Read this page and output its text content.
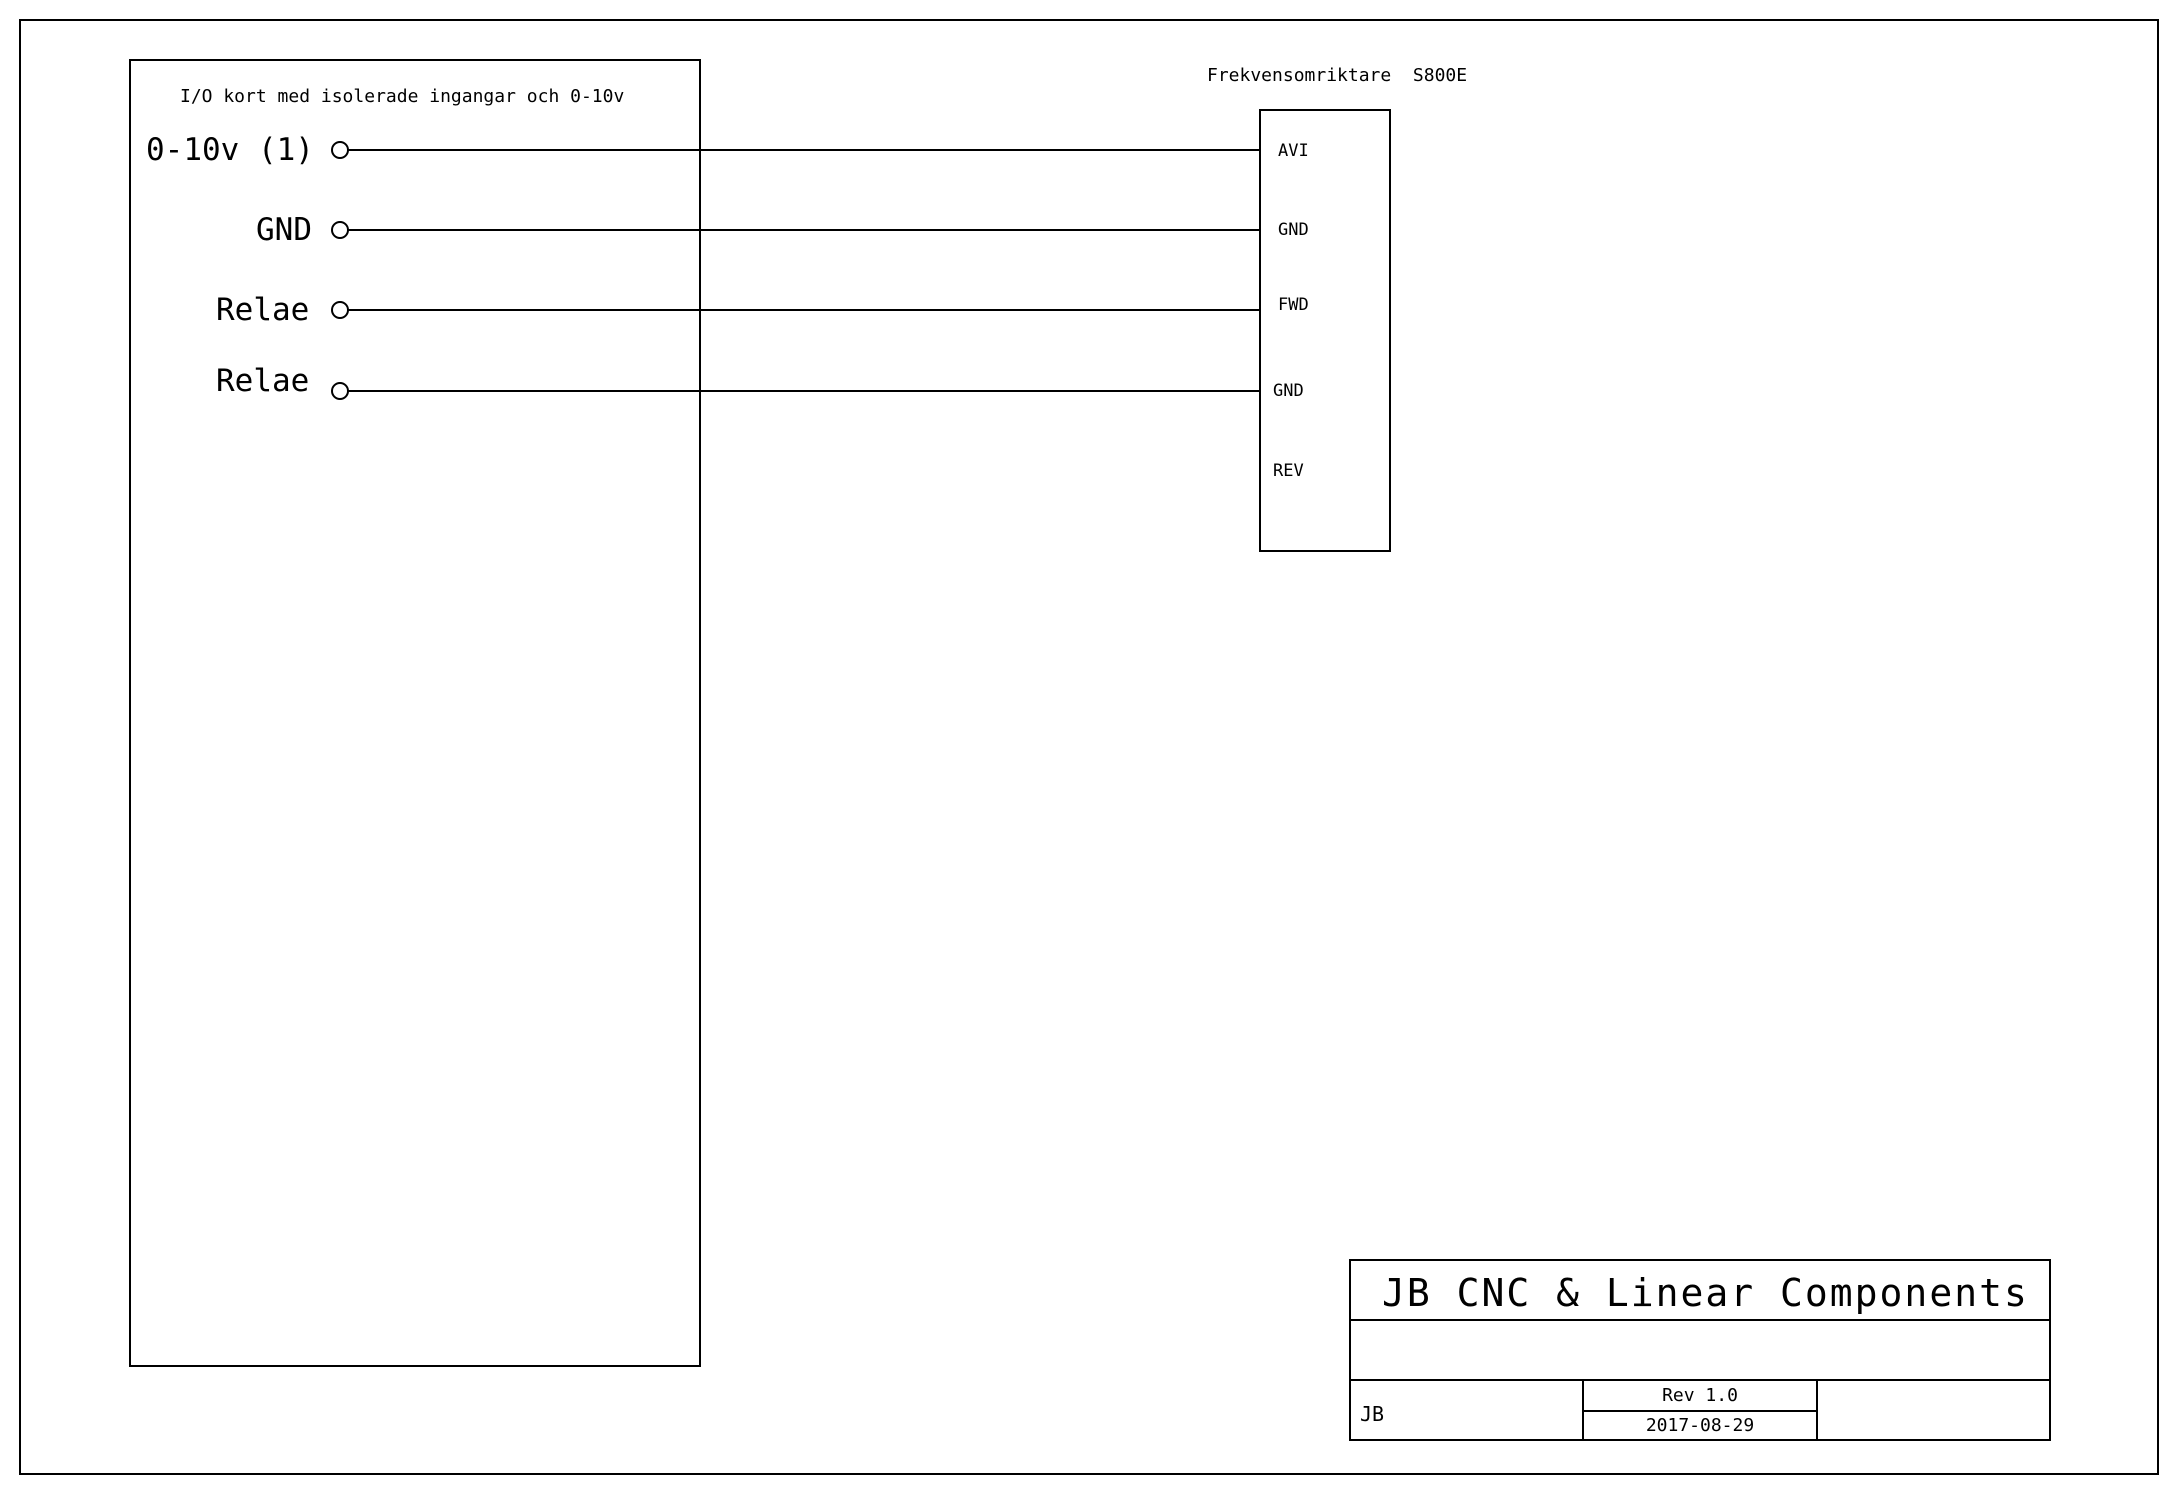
I/O kort med isolerade ingangar och 0-10v
0-10v (1)
GND
Relae
Relae
Frekvensomriktare  S800E
AVI
GND
FWD
GND
REV
JB CNC & Linear Components
JB
Rev 1.0
2017-08-29
